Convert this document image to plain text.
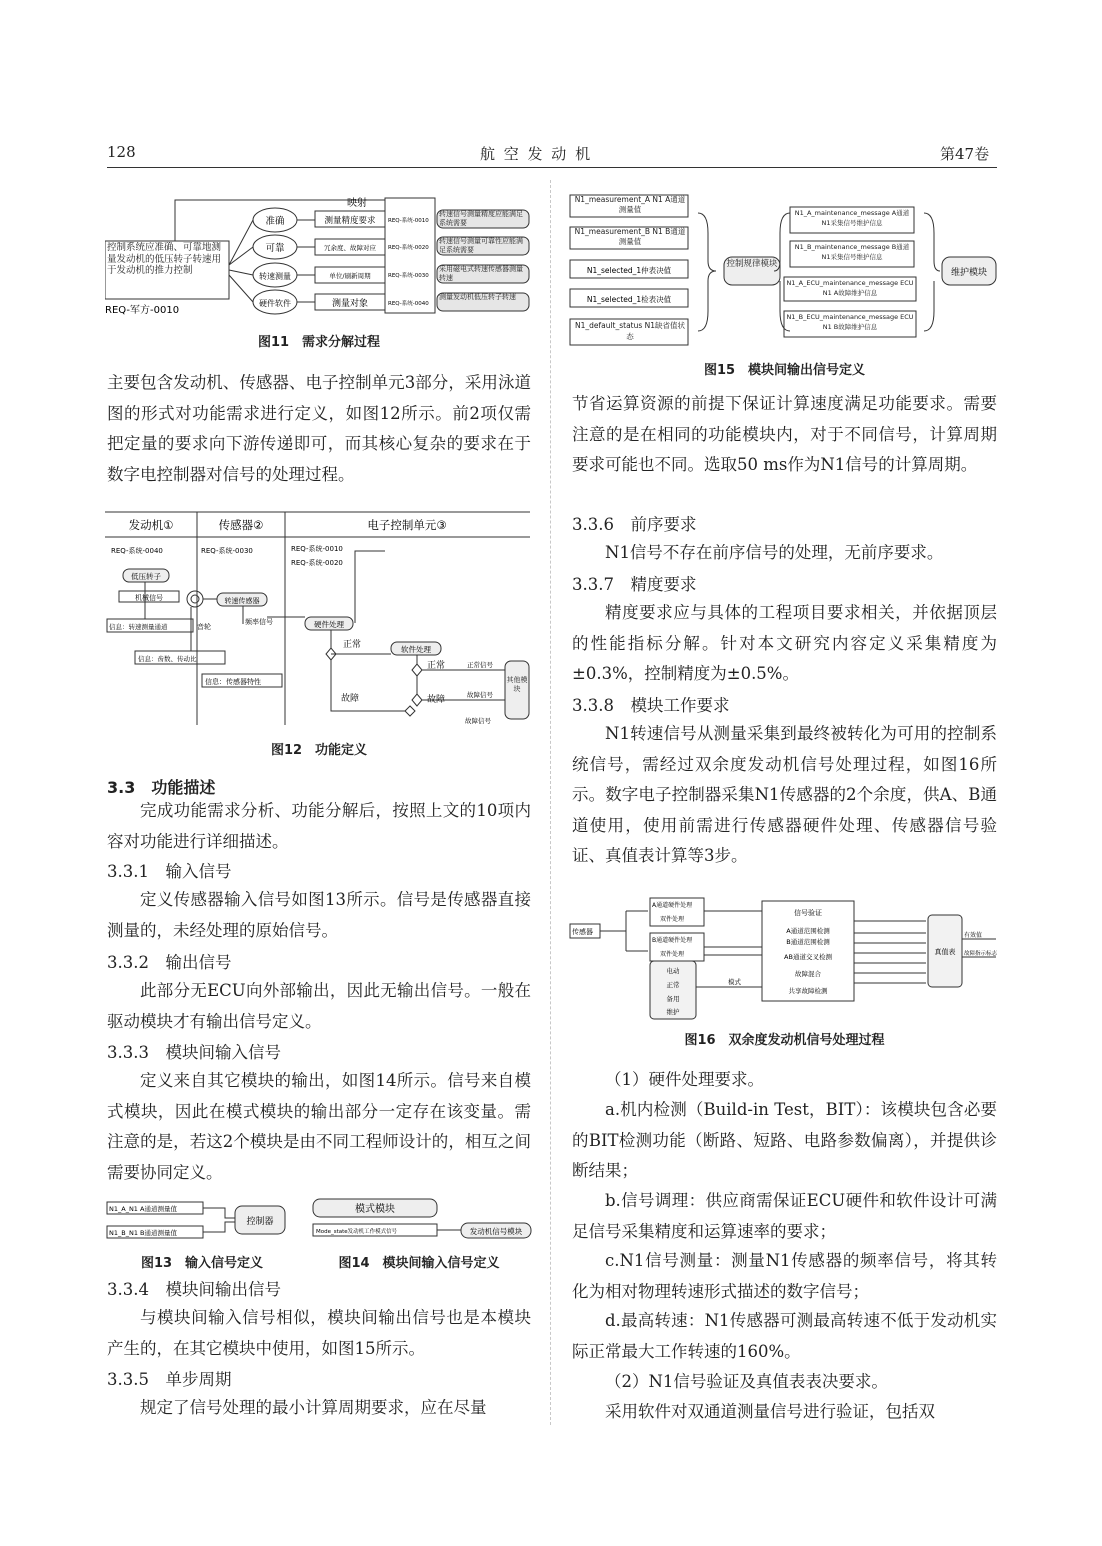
128	航 空 发 动 机	第47卷
控制系统应准确、可靠地测量发动机的低压转子转速用于发动机的推力控制
REQ-军方-0010
映射
准确
可靠
转速测量
硬件软件
测量精度要求
冗余度、故障对应
单位/刷新周期
测量对象
REQ-系统-0010
REQ-系统-0020
REQ-系统-0030
REQ-系统-0040
转速信号测量精度应能满足系统需要
转速信号测量可靠性应能满足系统需要
采用磁电式转速传感器测量转速
测量发动机低压转子转速
图11　需求分解过程

主要包含发动机、传感器、电子控制单元3部分，采用泳道图的形式对功能需求进行定义，如图12所示。前2项仅需把定量的要求向下游传递即可，而其核心复杂的要求在于数字电控制器对信号的处理过程。

发动机①	传感器②	电子控制单元③
REQ-系统-0040	REQ-系统-0030	REQ-系统-0010
REQ-系统-0020
低压转子
机械信号	转速传感器
频率信号
信息：转速测量通道	音轮
信息：齿数、传动比
信息：传感器特性
硬件处理
软件处理
正常信号
故障信号
其他模块
正常
故障
正常
故障
故障信号
图12　功能定义
3.3　功能描述

完成功能需求分析、功能分解后，按照上文的10项内容对功能进行详细描述。

3.3.1　输入信号

定义传感器输入信号如图13所示。信号是传感器直接测量的，未经处理的原始信号。

3.3.2　输出信号

此部分无ECU向外部输出，因此无输出信号。一般在驱动模块才有输出信号定义。

3.3.3　模块间输入信号

定义来自其它模块的输出，如图14所示。信号来自模式模块，因此在模式模块的输出部分一定存在该变量。需注意的是，若这2个模块是由不同工程师设计的，相互之间需要协同定义。

N1_A_N1 A通道测量值
N1_B_N1 B通道测量值
控制器
模式模块
Mode_state发动机工作模式信号	发动机信号模块
图13　输入信号定义	图14　模块间输入信号定义
3.3.4　模块间输出信号

与模块间输入信号相似，模块间输出信号也是本模块产生的，在其它模块中使用，如图15所示。

3.3.5　单步周期

规定了信号处理的最小计算周期要求，应在尽量

N1_measurement_A N1 A通道测量值
N1_measurement_B N1 B通道测量值
N1_selected_1仲表决值
N1_selected_1检表决值
N1_default_status N1缺省值状态
控制规律模块
N1_A_maintenance_message A通道N1采集信号维护信息
N1_B_maintenance_message B通道N1采集信号维护信息
N1_A_ECU_maintenance_message ECU N1 A故障维护信息
N1_B_ECU_maintenance_message ECU N1 B故障维护信息
维护模块
图15　模块间输出信号定义

节省运算资源的前提下保证计算速度满足功能要求。需要注意的是在相同的功能模块内，对于不同信号，计算周期要求可能也不同。选取50 ms作为N1信号的计算周期。

3.3.6　前序要求

N1信号不存在前序信号的处理，无前序要求。

3.3.7　精度要求

精度要求应与具体的工程项目要求相关，并依据顶层的性能指标分解。针对本文研究内容定义采集精度为±0.3%，控制精度为±0.5%。

3.3.8　模块工作要求

N1转速信号从测量采集到最终被转化为可用的控制系统信号，需经过双余度发动机信号处理过程，如图16所示。数字电子控制器采集N1传感器的2个余度，供A、B通道使用，使用前需进行传感器硬件处理、传感器信号验证、真值表计算等3步。

传感器
A通道硬件处理
双件处理
B通道硬件处理
双件处理
电动
正常
备用
维护
模式
信号验证
A通道范围检测
B通道范围检测
AB通道交叉检测
故障混合
共享故障检测
真值表
有效值
故障指示标志
图16　双余度发动机信号处理过程

（1）硬件处理要求。

a.机内检测（Build-in Test，BIT）：该模块包含必要的BIT检测功能（断路、短路、电路参数偏离），并提供诊断结果；

b.信号调理：供应商需保证ECU硬件和软件设计可满足信号采集精度和运算速率的要求；

c.N1信号测量：测量N1传感器的频率信号，将其转化为相对物理转速形式描述的数字信号；

d.最高转速：N1传感器可测最高转速不低于发动机实际正常最大工作转速的160%。

（2）N1信号验证及真值表表决要求。

采用软件对双通道测量信号进行验证，包括双
